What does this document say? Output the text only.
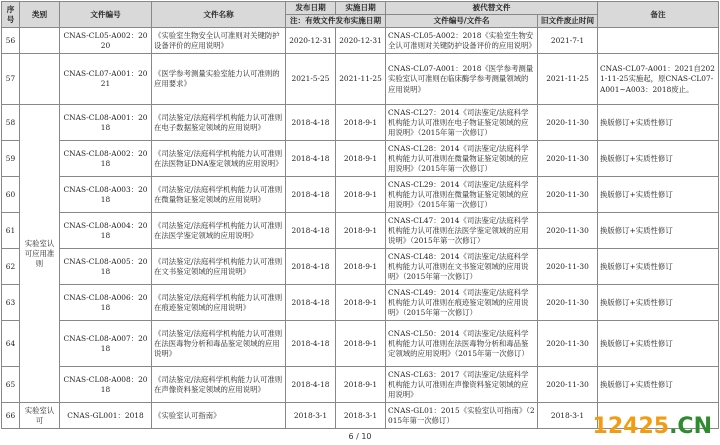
序号	类别	文件编号	文件名称	发布日期	实施日期	被代替文件		备注
				注：有效文件发布实施日期		文件编号/文件名	旧文件废止时间	
56		CNAS-CL05-A002：2020	《实验室生物安全认可准则对关键防护设备评价的应用说明》	2020-12-31	2020-12-31	CNAS-CL05-A002：2018《实验室生物安全认可准则对关键防护设备评价的应用说明》	2021-7-1	
57		CNAS-CL07-A001：2021	《医学参考测量实验室能力认可准则的应用要求》	2021-5-25	2021-11-25	CNAS-CL07-A001：2018《医学参考测量实验室认可准则在临床酶学参考测量领域的应用说明》	2021-11-25	CNAS-CL07-A001：2021自2021-11-25实施起，原CNAS-CL07-A001~A003：2018废止。
58	实验室认可应用准则	CNAS-CL08-A001：2018	《司法鉴定/法庭科学机构能力认可准则在电子数据鉴定领域的应用说明》	2018-4-18	2018-9-1	CNAS-CL27：2014《司法鉴定/法庭科学机构能力认可准则在电子物证鉴定领域的应用说明》（2015年第一次修订）	2020-11-30	换版修订+实质性修订
59		CNAS-CL08-A002：2018	《司法鉴定/法庭科学机构能力认可准则在法医物证DNA鉴定领域的应用说明》	2018-4-18	2018-9-1	CNAS-CL28：2014《司法鉴定/法庭科学机构能力认可准则在微量物证鉴定领域的应用说明》（2015年第一次修订）	2020-11-30	换版修订+实质性修订
60		CNAS-CL08-A003：2018	《司法鉴定/法庭科学机构能力认可准则在微量物证鉴定领域的应用说明》	2018-4-18	2018-9-1	CNAS-CL29：2014《司法鉴定/法庭科学机构能力认可准则在微量物证鉴定领域的应用说明》（2015年第一次修订）	2020-11-30	换版修订+实质性修订
61		CNAS-CL08-A004：2018	《司法鉴定/法庭科学机构能力认可准则在法医学鉴定领域的应用说明》	2018-4-18	2018-9-1	CNAS-CL47：2014《司法鉴定/法庭科学机构能力认可准则在法医学鉴定领域的应用说明》（2015年第一次修订）	2020-11-30	换版修订+实质性修订
62		CNAS-CL08-A005：2018	《司法鉴定/法庭科学机构能力认可准则在文书鉴定领域的应用说明》	2018-4-18	2018-9-1	CNAS-CL48：2014《司法鉴定/法庭科学机构能力认可准则在文书鉴定领域的应用说明》（2015年第一次修订）	2020-11-30	换版修订+实质性修订
63		CNAS-CL08-A006：2018	《司法鉴定/法庭科学机构能力认可准则在痕迹鉴定领域的应用说明》	2018-4-18	2018-9-1	CNAS-CL49：2014《司法鉴定/法庭科学机构能力认可准则在痕迹鉴定领域的应用说明》（2015年第一次修订）	2020-11-30	换版修订+实质性修订
64		CNAS-CL08-A007：2018	《司法鉴定/法庭科学机构能力认可准则在法医毒物分析和毒品鉴定领域的应用说明》	2018-4-18	2018-9-1	CNAS-CL50：2014《司法鉴定/法庭科学机构能力认可准则在法医毒物分析和毒品鉴定领域的应用说明》（2015年第一次修订）	2020-11-30	换版修订+实质性修订
65		CNAS-CL08-A008：2018	《司法鉴定/法庭科学机构能力认可准则在声像资料鉴定领域的应用说明》	2018-4-18	2018-9-1	CNAS-CL63：2017《司法鉴定/法庭科学机构能力认可准则在声像资料鉴定领域的应用说明》	2020-11-30	换版修订+实质性修订
66	实验室认可	CNAS-GL001：2018	《实验室认可指南》	2018-3-1	2018-3-1	CNAS-GL01：2015《实验室认可指南》（2015年第一次修订）	2018-3-1	
6 / 10	12425.CN
